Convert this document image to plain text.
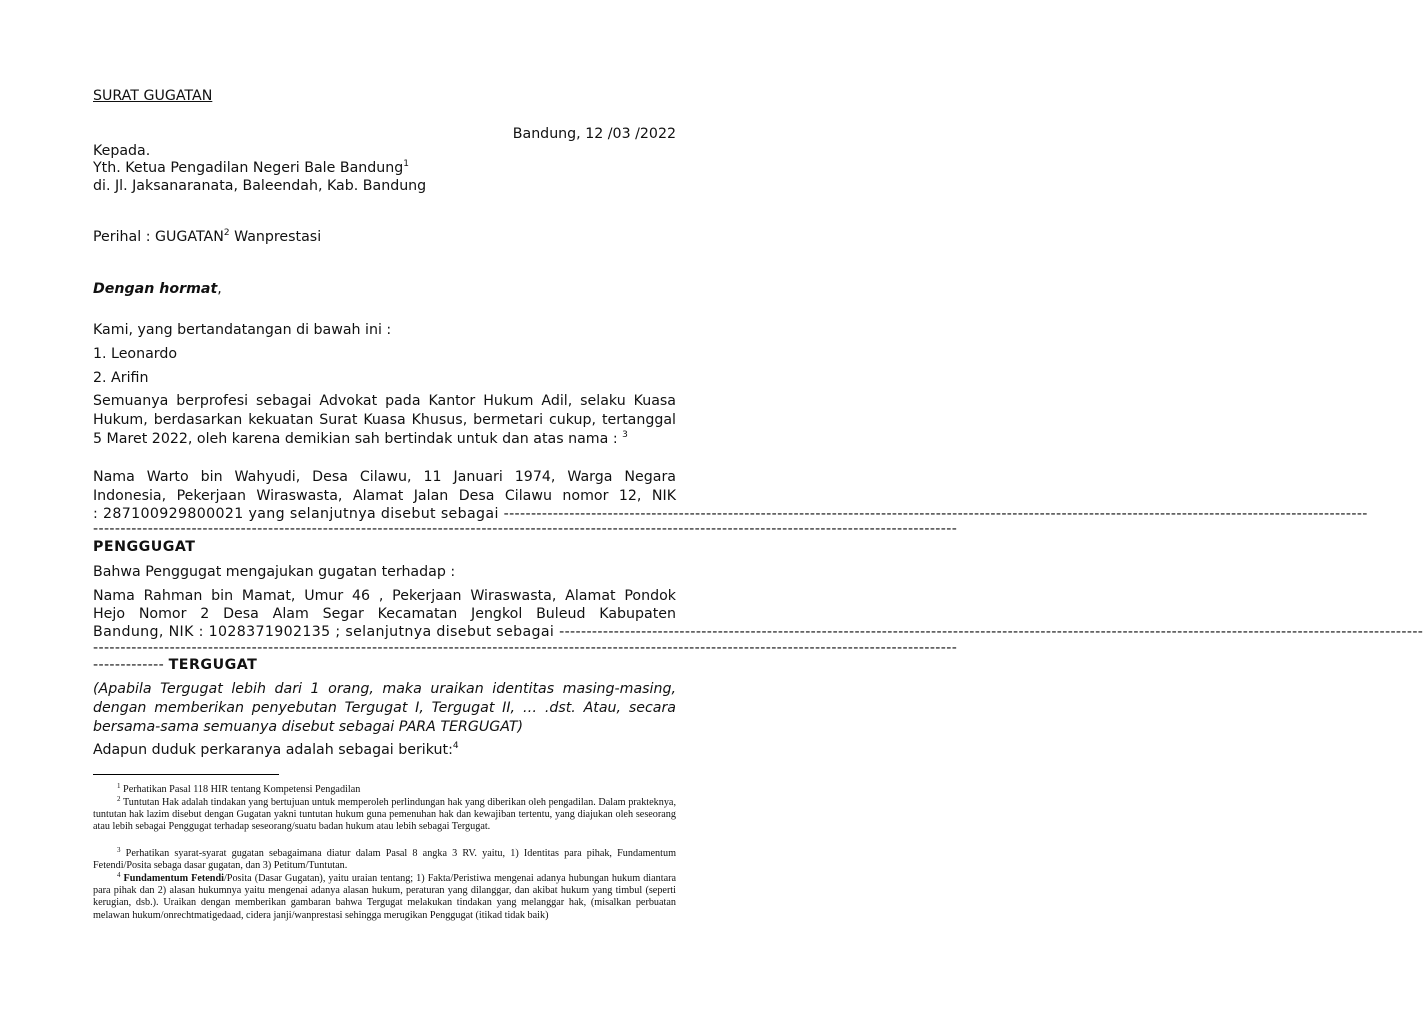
SURAT GUGATAN
Bandung, 12 /03 /2022
Kepada.
Yth. Ketua Pengadilan Negeri Bale Bandung$^1$
di. Jl. Jaksanaranata, Baleendah, Kab. Bandung
Perihal : GUGATAN$^2$ Wanprestasi
Dengan hormat,
Kami, yang bertandatangan di bawah ini :
1. Leonardo
2. Arifin
Semuanya berprofesi sebagai Advokat pada Kantor Hukum Adil, selaku Kuasa Hukum, berdasarkan kekuatan Surat Kuasa Khusus, bermetari cukup, tertanggal 5 Maret 2022, oleh karena demikian sah bertindak untuk dan atas nama : $^3$
Nama Warto bin Wahyudi, Desa Cilawu, 11 Januari 1974, Warga Negara
Indonesia, Pekerjaan Wiraswasta, Alamat Jalan Desa Cilawu nomor 12, NIK
: 287100929800021 yang selanjutnya disebut sebagai --------------------------------------------------------------------------------------------------------------------------------------------------------------
--------------------------------------------------------------------------------------------------------------------------------------------------------------
PENGGUGAT
Bahwa Penggugat mengajukan gugatan terhadap :
Nama Rahman bin Mamat, Umur 46 , Pekerjaan Wiraswasta, Alamat Pondok
Hejo Nomor 2 Desa Alam Segar Kecamatan Jengkol Buleud Kabupaten
Bandung, NIK : 1028371902135 ; selanjutnya disebut sebagai --------------------------------------------------------------------------------------------------------------------------------------------------------------
--------------------------------------------------------------------------------------------------------------------------------------------------------------
------------- TERGUGAT
(Apabila Tergugat lebih dari 1 orang, maka uraikan identitas masing-masing, dengan memberikan penyebutan Tergugat I, Tergugat II, … .dst. Atau, secara bersama-sama semuanya disebut sebagai PARA TERGUGAT)
Adapun duduk perkaranya adalah sebagai berikut:$^4$
$^1$ Perhatikan Pasal 118 HIR tentang Kompetensi Pengadilan
$^2$ Tuntutan Hak adalah tindakan yang bertujuan untuk memperoleh perlindungan hak yang diberikan oleh pengadilan. Dalam prakteknya, tuntutan hak lazim disebut dengan Gugatan yakni tuntutan hukum guna pemenuhan hak dan kewajiban tertentu, yang diajukan oleh seseorang atau lebih sebagai Penggugat terhadap seseorang/suatu badan hukum atau lebih sebagai Tergugat.
$^3$ Perhatikan syarat-syarat gugatan sebagaimana diatur dalam Pasal 8 angka 3 RV. yaitu, 1) Identitas para pihak, Fundamentum Fetendi/Posita sebaga dasar gugatan, dan 3) Petitum/Tuntutan.
$^4$ Fundamentum Fetendi/Posita (Dasar Gugatan), yaitu uraian tentang; 1) Fakta/Peristiwa mengenai adanya hubungan hukum diantara para pihak dan 2) alasan hukumnya yaitu mengenai adanya alasan hukum, peraturan yang dilanggar, dan akibat hukum yang timbul (seperti kerugian, dsb.). Uraikan dengan memberikan gambaran bahwa Tergugat melakukan tindakan yang melanggar hak, (misalkan perbuatan melawan hukum/onrechtmatigedaad, cidera janji/wanprestasi sehingga merugikan Penggugat (itikad tidak baik)
